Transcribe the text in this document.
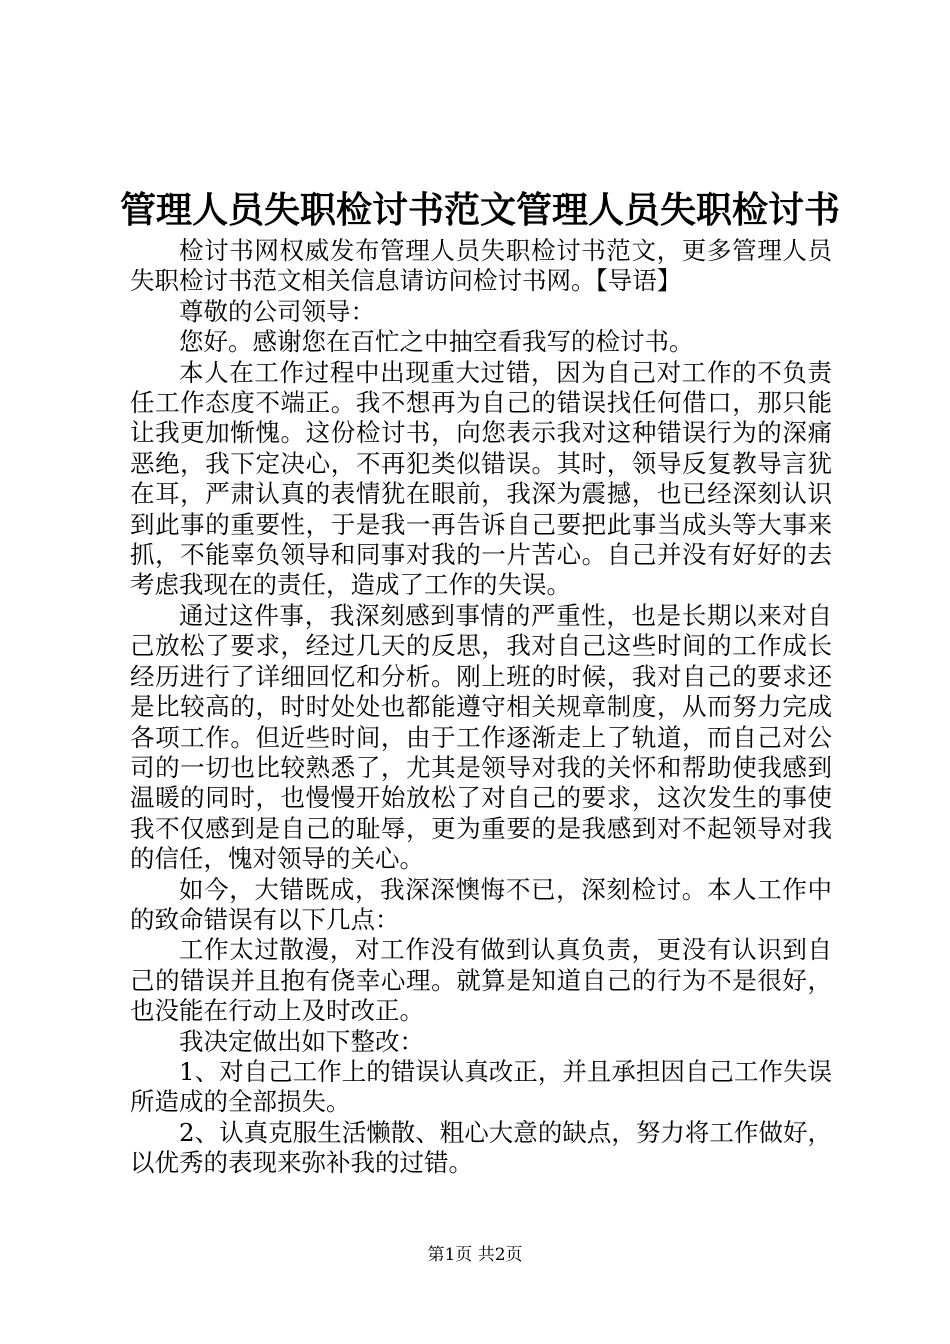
管理人员失职检讨书范文管理人员失职检讨书

检讨书网权威发布管理人员失职检讨书范文，更多管理人员失职检讨书范文相关信息请访问检讨书网。【导语】

尊敬的公司领导：

您好。感谢您在百忙之中抽空看我写的检讨书。

本人在工作过程中出现重大过错，因为自己对工作的不负责任工作态度不端正。我不想再为自己的错误找任何借口，那只能让我更加惭愧。这份检讨书，向您表示我对这种错误行为的深痛恶绝，我下定决心，不再犯类似错误。其时，领导反复教导言犹在耳，严肃认真的表情犹在眼前，我深为震撼，也已经深刻认识到此事的重要性，于是我一再告诉自己要把此事当成头等大事来抓，不能辜负领导和同事对我的一片苦心。自己并没有好好的去考虑我现在的责任，造成了工作的失误。

通过这件事，我深刻感到事情的严重性，也是长期以来对自己放松了要求，经过几天的反思，我对自己这些时间的工作成长经历进行了详细回忆和分析。刚上班的时候，我对自己的要求还是比较高的，时时处处也都能遵守相关规章制度，从而努力完成各项工作。但近些时间，由于工作逐渐走上了轨道，而自己对公司的一切也比较熟悉了，尤其是领导对我的关怀和帮助使我感到温暖的同时，也慢慢开始放松了对自己的要求，这次发生的事使我不仅感到是自己的耻辱，更为重要的是我感到对不起领导对我的信任，愧对领导的关心。

如今，大错既成，我深深懊悔不已，深刻检讨。本人工作中的致命错误有以下几点：

工作太过散漫，对工作没有做到认真负责，更没有认识到自己的错误并且抱有侥幸心理。就算是知道自己的行为不是很好，也没能在行动上及时改正。

我决定做出如下整改：

1、对自己工作上的错误认真改正，并且承担因自己工作失误所造成的全部损失。

2、认真克服生活懒散、粗心大意的缺点，努力将工作做好，以优秀的表现来弥补我的过错。

第1页 共2页
